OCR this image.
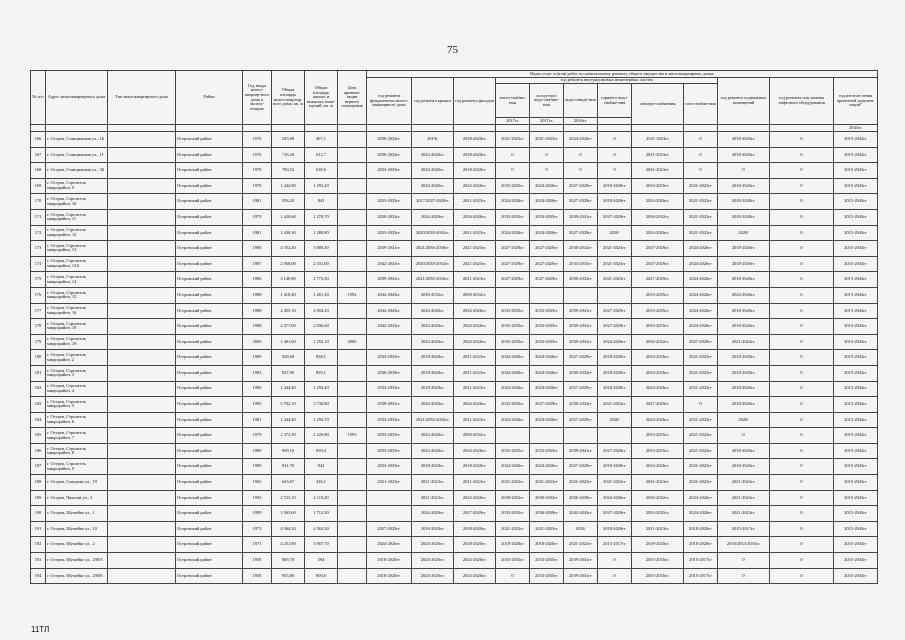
75
№ п/п	Адрес многоквартирного дома	Тип многоквартирного дома	Район	Год ввода много-квартир-ного дома в эксплу-атацию	Общая площадь много-квартир-ного дома, кв. м	Общая площадь жилых и нежилых поме-щений, кв. м	Дата привати-зации первого помещения	Виды услуг и (или) работ по капитальному ремонту общего имущества в многоквартирных домах											
								год ремонта фундаментов много-квартирного дома	год ремонта крыши	год ремонта фасадов	год ремонта внутридомовых инженерных систем						год ремонта подвальных помещений	год ремонта или замены лифтового оборудования	год изготов-ления проектной докумен-тации*
											тепло-снабже-ния	холод-ного водо-снабже-ния	водо-отведе-ния	горячего водо-снабже-ния	электро-снабжения	газо-снабже-ния			
											2017гг.	2017гг.	2020гг.						
																			2043гг.
166	г. Остров, Станционная ул., 1Б		Островский район	1976	545,68	497,1		2030-2032гг.	2019г	2018-2020гг.	2021-2023гг	2021-2023гг	2024-2026гг	0	2021-2023гг	0	2018-2020гг.	0	2015-2043гг
167	г. Остров, Станционная ул., 1Г		Островский район	1976	716,20	612,7		2030-2032гг.	2024-2026гг.	2018-2020гг.	0	0	0	0	2021-2023гг.	0	2018-2020гг.	0	2015-2043гг
168	г. Остров, Станционная ул., 3Б		Островский район	1979	790,52	638,6		2033-2035гг.	2024-2026гг.	2018-2020гг.	0	0	0	0	2021-2023гг.	0	0	0	2015-2043гг
169	г. Остров, Строитель микрорайон, 9		Островский район	1979	1 442,80	1 293,20			2024-2026гг.	2024-2026гг.	2033-2035гг	2024-2026гг	2027-2029гг	2018-2020гг	2033-2035гг.	2021-2023гг	2018-2020гг.	0	2015-2043гг
170	г. Остров, Строитель микрорайон, 10		Островский район	1981	938,20	843		2033-2035гг.	2017/2027-2029гг	2021-2023гг.	2024-2026гг	2024-2026гг	2027-2029гг	2018-2020гг	2024-2026гг.	2021-2023гг	2018-2020гг.	0	2015-2043гг
171	г. Остров, Строитель микрорайон, 11		Островский район	1979	1 428,60	1 278,70		2030-2032гг.	2024-2026гг.	2024-2026гг.	2033-2035гг	2033-2035гг	2039-2041гг	2027-2029гг	2030-2032гг.	2021-2023гг	2018-2020гг.	0	2015-2043гг
172	г. Остров, Строитель микрорайон, 12		Островский район	1981	1 430,30	1 280,80		2033-2035гг.	2020/2030-2032гг.	2021-2023гг.	2024-2026гг	2024-2026гг	2027-2029гг	2020/	2024-2026гг.	2021-2023гг	2020/	0	2015-2043гг
173	г. Остров, Строитель микрорайон, 13		Островский район	1986	4 352,40	3 880,49		2039-2041гг.	2021/2036-2038гг.	2021-2023гг.	2027-2029гг	2027-2029гг	2030-2032гг	2021-2023гг	2027-2029гг.	2024-2026гг	2018-2020гг.	0	2015-2043гг
174	г. Остров, Строитель микрорайон, 13А		Островский район	1987	2 568,00	2 331,00		2042-2043гг.	2020/2030-2032гг.	2021-2023гг.	2027-2029гг	2027-2029гг	2033-2035гг	2021-2023гг	2027-2029гг.	2024-2026гг	2018-2020гг.	0	2015-2043гг
175	г. Остров, Строитель микрорайон, 14		Островский район	1986	3 140,80	2 773,50		2039-2041гг.	2021/2030-2032гг.	2021-2023гг.	2027-2029гг	2027-2029гг	2030-2032гг	2021-2023гг	2027-2029гг.	2024-2026гг	2018-2020гг.	0	2015-2043гг
176	г. Остров, Строитель микрорайон, 15		Островский район	1988	1 418,40	1 261,30	1992	2042-2043гг.	2030-2032гг.	2030-2032гг.					2033-2035гг.	2024-2026гг	2024-2026гг.	0	2015-2043гг
177	г. Остров, Строитель микрорайон, 16		Островский район	1988	2 455,10	2 004,20		2042-2043гг.	2024-2026гг.	2024-2026гг.	2033-2035гг	2033-2035гг	2039-2041гг	2027-2029гг	2033-2035гг.	2024-2026гг	2018-2020гг.	0	2015-2043гг
178	г. Остров, Строитель микрорайон, 18		Островский район	1988	2 477,00	2 036,60		2042-2043гг.	2024-2026гг.	2024-2026гг.	2033-2035гг	2033-2035гг	2039-2041гг	2027-2029гг	2033-2035гг.	2024-2026гг	2018-2020гг.	0	2015-2043гг
179	г. Остров, Строитель микрорайон, 19		Островский район	2000	1 401,60	1 252,10	2009		2024-2026гг.	2024-2026гг.	2033-2035гг	2033-2035гг	2039-2041гг	2024-2026гг	2030-2032гг.	2027-2029гг	2021-2023гг.	0	2015-2043гг
180	г. Остров, Строитель микрорайон, 2		Островский район	1980	928,60	838,1		2033-2035гг.	2018-2020гг.	2021-2023гг.	2024-2026гг	2024-2026гг	2027-2029гг	2018-2020гг	2024-2026гг.	2021-2023гг	2018-2020гг.	0	2015-2043гг
181	г. Остров, Строитель микрорайон, 3		Островский район	1983	937,90	859,1		2036-2038гг.	2018-2020гг.	2021-2023гг.	2024-2026гг	2024-2026гг	2030-2032гг	2018-2020гг	2024-2026гг.	2021-2023гг	2018-2020гг.	0	2015-2043гг
182	г. Остров, Строитель микрорайон, 4		Островский район	1980	1 444,40	1 294,40		2033-2035гг.	2018-2020гг.	2021-2023гг.	2024-2026гг	2024-2026гг	2027-2029гг	2018-2020гг	2024-2026гг.	2021-2023гг	2018-2020гг.	0	2015-2043гг
183	г. Остров, Строитель микрорайон, 5		Островский район	1985	5 792,19	3 730,80		2039-2041гг.	2024-2026гг.	2024-2026гг.	2033-2035гг	2027-2029гг	2030-2032гг	2021-2023гг	2027-2029гг.	0	2018-2020гг.	0	2015-2043гг
184	г. Остров, Строитель микрорайон, 6		Островский район	1981	1 444,40	1 294,70		2033-2035гг.	2021/2030-2032гг.	2021-2023гг.	2024-2026гг	2024-2026гг	2027-2029гг	2020/	2024-2026гг.	2021-2023гг	2020/	0	2015-2043гг
185	г. Остров, Строитель микрорайон, 7		Островский район	1979	1 373,30	1 229,80	1993	2033-2035гг.	2024-2026гг.	2030-2032гг.					2033-2035гг.	2021-2023гг	0	0	2015-2043гг
186	г. Остров, Строитель микрорайон, 8		Островский район	1980	939,10	839,4		2033-2035гг.	2024-2026гг.	2024-2026гг.	2033-2035гг	2033-2035гг	2039-2041гг	2027-2029гг	2033-2035гг.	2021-2023гг	2018-2020гг.	0	2015-2043гг
187	г. Остров, Строитель микрорайон, 9		Островский район	1980	941,70	842		2033-2035гг.	2018-2020гг.	2018-2020гг.	2024-2026гг	2024-2026гг	2027-2029гг	2018-2020гг	2024-2026гг.	2021-2023гг	2018-2020гг.	0	2015-2043гг
188	г. Остров, Суворова ул., 19		Островский район	1965	643,67	426,1		2021-2023гг.	2021-2023гг.	2021-2023гг.	2021-2023гг	2021-2023гг	2021-2023гг	2021-2023гг	2021-2023гг.	2021-2023гг	2021-2023гг.	0	2015-2043гг
189	г. Остров, Чкалова ул., 2		Островский район	1993	2 723,10	2 119,20			2021-2023гг.	2024-2026гг.	2030-2032гг	2030-2032гг	2036-2038гг	2024-2026гг	2030-2032гг.	2024-2026гг	2021-2023гг.	0	2015-2043гг
190	г. Остров, Шумейко ул., 1		Островский район	1989	1 963,60	1 712,50			2024-2026гг.	2027-2029гг.	2033-2035гг	2036-2038гг	2042-2043гг	2027-2029гг	2033-2035гг.	2024-2026гг	2021-2023гг.	0	2015-2043гг
191	г. Остров, Шумейко ул., 10		Островский район	1973	4 964,50	4 563,30		2027-2029гг.	2018-2020гг.	2018-2020гг.	2021-2023гг	2021-2023гг	2019/	2018-2020гг	2021-2023гг.	2018-2020гг	2015-2017гг.	0	2015-2043гг
192	г. Остров, Шумейко ул., 2		Островский район	1971	4 251,80	3 967,70		2024-2026гг.	2024-2026гг.	2018-2020гг.	2018-2020гг	2018-2020гг	2021-2023гг	2015-2017гг	2018-2020гг.	2018-2020гг	2019/2033-2035гг.	0	2015-2043гг
193	г. Остров, Шумейко ул., 2/003		Островский район	1958	869,70	594		2018-2020гг.	2024-2026гг.	2024-2026гг.	2033-2035гг	2033-2035гг	2039-2041гг	0	2033-2035гг.	2015-2017гг	0	0	2015-2043гг
194	г. Остров, Шумейко ул., 2/006		Островский район	1958	955,80	800,6		2018-2020гг.	2024-2026гг.	2024-2026гг.	0	2033-2035гг	2039-2041гг	0	2033-2035гг.	2015-2017гг	0	0	2015-2043гг
11ТЛ
